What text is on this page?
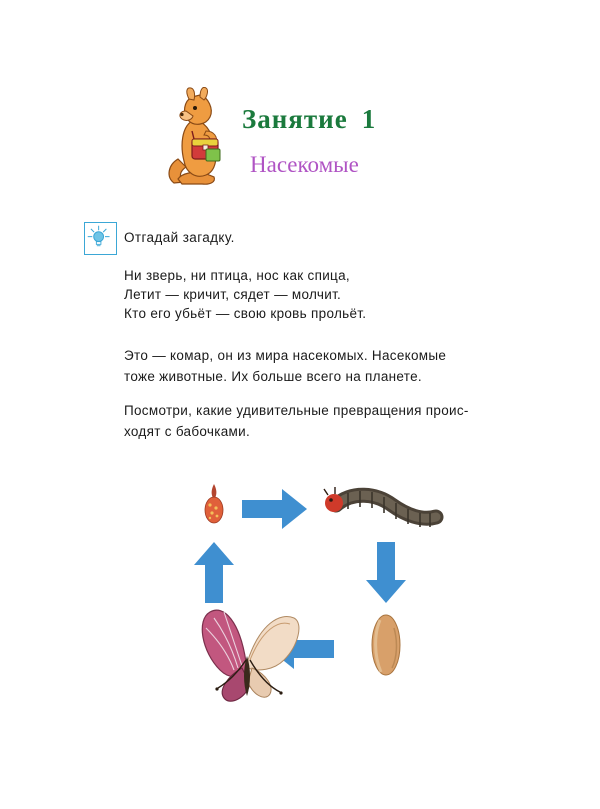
Занятие 1
Насекомые
Отгадай загадку.
Ни зверь, ни птица, нос как спица,
Летит — кричит, сядет — молчит.
Кто его убьёт — свою кровь прольёт.
Это — комар, он из мира насекомых. Насекомые
тоже животные. Их больше всего на планете.
Посмотри, какие удивительные превращения проис-
ходят с бабочками.
